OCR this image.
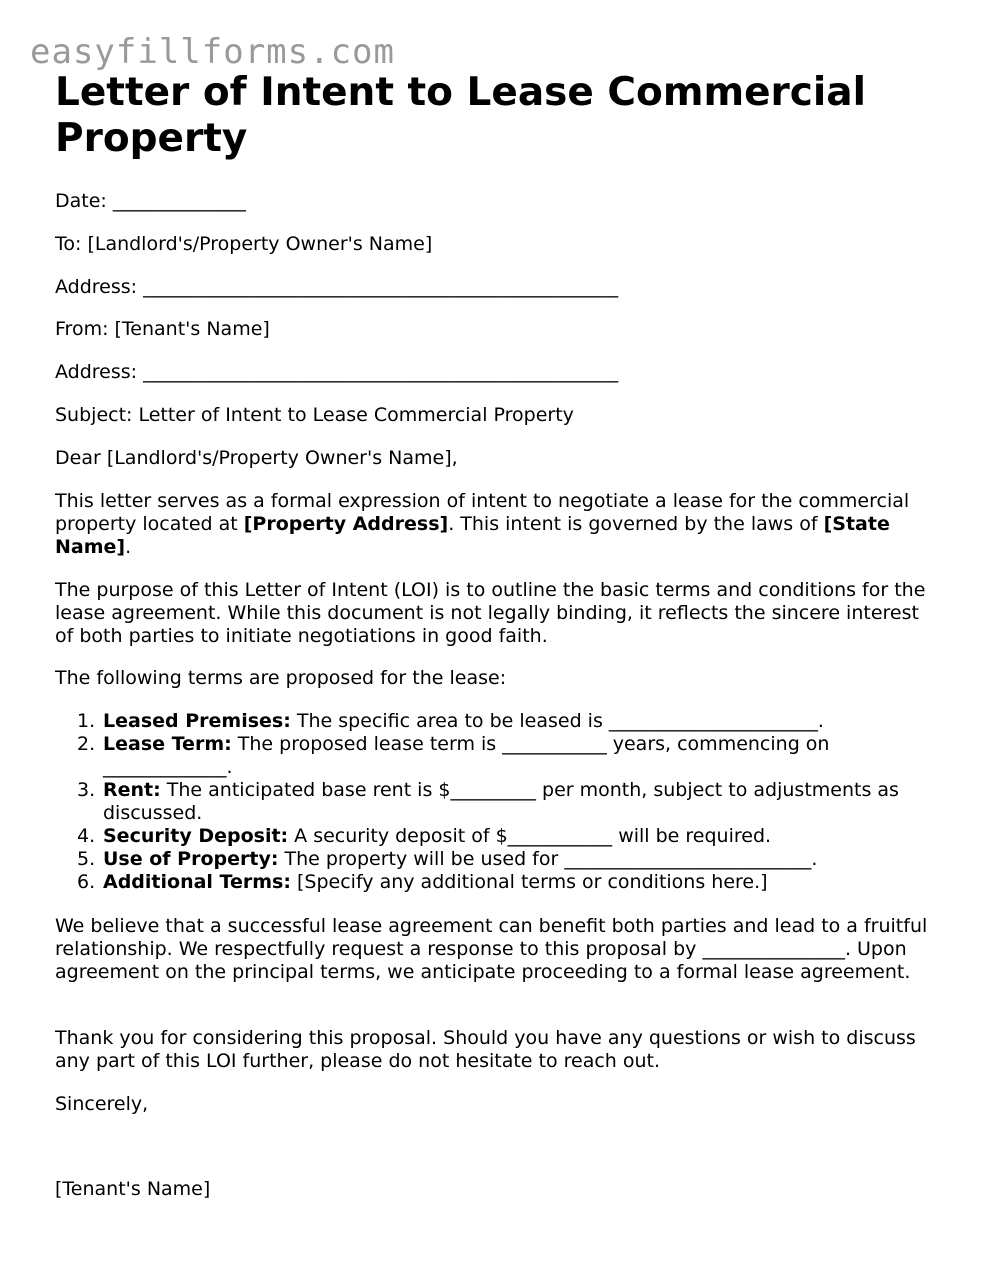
easyfillforms.com
Letter of Intent to Lease Commercial Property

Date: ______________

To: [Landlord's/Property Owner's Name]

Address: __________________________________________________

From: [Tenant's Name]

Address: __________________________________________________

Subject: Letter of Intent to Lease Commercial Property

Dear [Landlord's/Property Owner's Name],

This letter serves as a formal expression of intent to negotiate a lease for the commercial property located at [Property Address]. This intent is governed by the laws of [State Name].

The purpose of this Letter of Intent (LOI) is to outline the basic terms and conditions for the lease agreement. While this document is not legally binding, it reflects the sincere interest of both parties to initiate negotiations in good faith.

The following terms are proposed for the lease:

1. Leased Premises: The specific area to be leased is ______________________.
2. Lease Term: The proposed lease term is ___________ years, commencing on _____________.
3. Rent: The anticipated base rent is $_________ per month, subject to adjustments as discussed.
4. Security Deposit: A security deposit of $___________ will be required.
5. Use of Property: The property will be used for __________________________.
6. Additional Terms: [Specify any additional terms or conditions here.]

We believe that a successful lease agreement can benefit both parties and lead to a fruitful relationship. We respectfully request a response to this proposal by _______________. Upon agreement on the principal terms, we anticipate proceeding to a formal lease agreement.

Thank you for considering this proposal. Should you have any questions or wish to discuss any part of this LOI further, please do not hesitate to reach out.

Sincerely,

[Tenant's Name]
